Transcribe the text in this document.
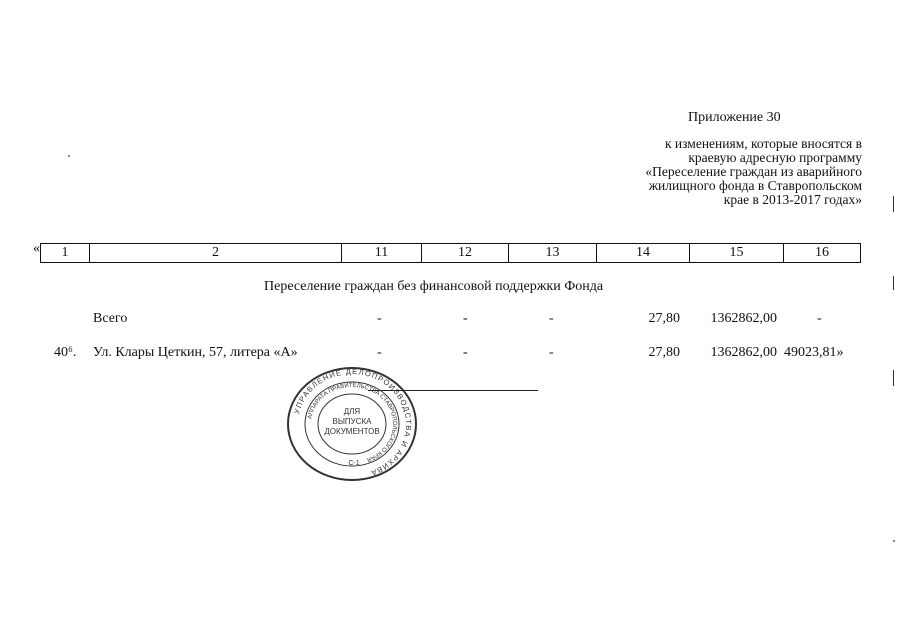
Приложение 30
к изменениям, которые вносятся в
краевую адресную программу
«Переселение граждан из аварийного
жилищного фонда в Ставропольском
крае в 2013-2017 годах»
« 1	2	11	12	13	14	15	16
Переселение граждан без финансовой поддержки Фонда
Всего	-	-	-	27,80 1362862,00	-
40⁶. Ул. Клары Цеткин, 57, литера «А»	-	-	-	27,80 1362862,00 49023,81»
УПРАВЛЕНИЕ ДЕЛОПРОИЗВОДСТВА И АРХИВА
АППАРАТА ПРАВИТЕЛЬСТВА СТАВРОПОЛЬСКОГО КРАЯ
ДЛЯ
ВЫПУСКА
ДОКУМЕНТОВ
С-1
